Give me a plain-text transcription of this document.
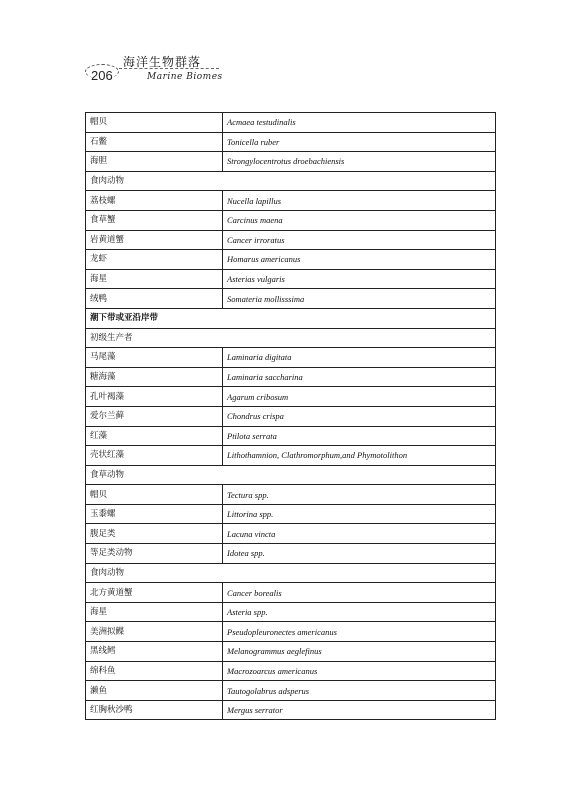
206
海洋生物群落
Marine Biomes
帽贝	Acmaea testudinalis
石鳖	Tonicella ruber
海胆	Strongylocentrotus droebachiensis
食肉动物	
荔枝螺	Nucella lapillus
食草蟹	Carcinus maena
岩黄道蟹	Cancer irroratus
龙虾	Homarus americanus
海星	Asterias vulgaris
绒鸭	Somateria mollisssima
潮下带或亚沿岸带	
初级生产者	
马尾藻	Laminaria digitata
糖海藻	Laminaria saccharina
孔叶褐藻	Agarum cribosum
爱尔兰藓	Chondrus crispa
红藻	Ptilota serrata
壳状红藻	Lithothamnion, Clathromorphum,and Phymotolithon
食草动物	
帽贝	Tectura spp.
玉黍螺	Littorina spp.
腹足类	Lacuna vincta
等足类动物	Idotea spp.
食肉动物	
北方黄道蟹	Cancer borealis
海星	Asteria spp.
美洲拟鲽	Pseudopleuronectes americanus
黑线鳕	Melanogrammus aeglefinus
绵科鱼	Macrozoarcus americanus
濑鱼	Tautogolabrus adsperus
红胸秋沙鸭	Mergus serrator
